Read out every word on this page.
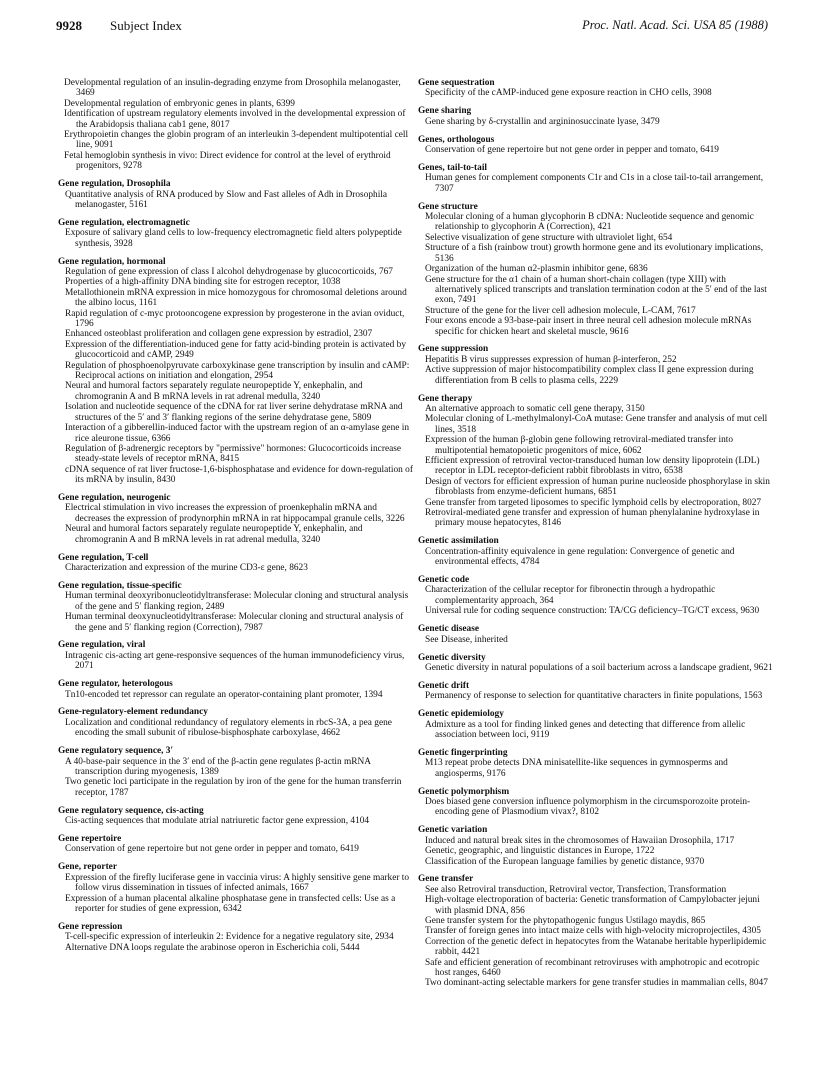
9928 Subject Index	Proc. Natl. Acad. Sci. USA 85 (1988)

Developmental regulation of an insulin-degrading enzyme from Drosophila melanogaster, 3469

Developmental regulation of embryonic genes in plants, 6399

Identification of upstream regulatory elements involved in the developmental expression of the Arabidopsis thaliana cab1 gene, 8017

Erythropoietin changes the globin program of an interleukin 3-dependent multipotential cell line, 9091

Fetal hemoglobin synthesis in vivo: Direct evidence for control at the level of erythroid progenitors, 9278

Gene regulation, Drosophila

Quantitative analysis of RNA produced by Slow and Fast alleles of Adh in Drosophila melanogaster, 5161

Gene regulation, electromagnetic

Exposure of salivary gland cells to low-frequency electromagnetic field alters polypeptide synthesis, 3928

Gene regulation, hormonal

Regulation of gene expression of class I alcohol dehydrogenase by glucocorticoids, 767

Properties of a high-affinity DNA binding site for estrogen receptor, 1038

Metallothionein mRNA expression in mice homozygous for chromosomal deletions around the albino locus, 1161

Rapid regulation of c-myc protooncogene expression by progesterone in the avian oviduct, 1796

Enhanced osteoblast proliferation and collagen gene expression by estradiol, 2307

Expression of the differentiation-induced gene for fatty acid-binding protein is activated by glucocorticoid and cAMP, 2949

Regulation of phosphoenolpyruvate carboxykinase gene transcription by insulin and cAMP: Reciprocal actions on initiation and elongation, 2954

Neural and humoral factors separately regulate neuropeptide Y, enkephalin, and chromogranin A and B mRNA levels in rat adrenal medulla, 3240

Isolation and nucleotide sequence of the cDNA for rat liver serine dehydratase mRNA and structures of the 5′ and 3′ flanking regions of the serine dehydratase gene, 5809

Interaction of a gibberellin-induced factor with the upstream region of an α-amylase gene in rice aleurone tissue, 6366

Regulation of β-adrenergic receptors by "permissive" hormones: Glucocorticoids increase steady-state levels of receptor mRNA, 8415

cDNA sequence of rat liver fructose-1,6-bisphosphatase and evidence for down-regulation of its mRNA by insulin, 8430

Gene regulation, neurogenic

Electrical stimulation in vivo increases the expression of proenkephalin mRNA and decreases the expression of prodynorphin mRNA in rat hippocampal granule cells, 3226

Neural and humoral factors separately regulate neuropeptide Y, enkephalin, and chromogranin A and B mRNA levels in rat adrenal medulla, 3240

Gene regulation, T-cell

Characterization and expression of the murine CD3-ε gene, 8623

Gene regulation, tissue-specific

Human terminal deoxyribonucleotidyltransferase: Molecular cloning and structural analysis of the gene and 5′ flanking region, 2489

Human terminal deoxynucleotidyltransferase: Molecular cloning and structural analysis of the gene and 5′ flanking region (Correction), 7987

Gene regulation, viral

Intragenic cis-acting art gene-responsive sequences of the human immunodeficiency virus, 2071

Gene regulator, heterologous

Tn10-encoded tet repressor can regulate an operator-containing plant promoter, 1394

Gene-regulatory-element redundancy

Localization and conditional redundancy of regulatory elements in rbcS-3A, a pea gene encoding the small subunit of ribulose-bisphosphate carboxylase, 4662

Gene regulatory sequence, 3′

A 40-base-pair sequence in the 3′ end of the β-actin gene regulates β-actin mRNA transcription during myogenesis, 1389

Two genetic loci participate in the regulation by iron of the gene for the human transferrin receptor, 1787

Gene regulatory sequence, cis-acting

Cis-acting sequences that modulate atrial natriuretic factor gene expression, 4104

Gene repertoire

Conservation of gene repertoire but not gene order in pepper and tomato, 6419

Gene, reporter

Expression of the firefly luciferase gene in vaccinia virus: A highly sensitive gene marker to follow virus dissemination in tissues of infected animals, 1667

Expression of a human placental alkaline phosphatase gene in transfected cells: Use as a reporter for studies of gene expression, 6342

Gene repression

T-cell-specific expression of interleukin 2: Evidence for a negative regulatory site, 2934

Alternative DNA loops regulate the arabinose operon in Escherichia coli, 5444

Gene sequestration

Specificity of the cAMP-induced gene exposure reaction in CHO cells, 3908

Gene sharing

Gene sharing by δ-crystallin and argininosuccinate lyase, 3479

Genes, orthologous

Conservation of gene repertoire but not gene order in pepper and tomato, 6419

Genes, tail-to-tail

Human genes for complement components C1r and C1s in a close tail-to-tail arrangement, 7307

Gene structure

Molecular cloning of a human glycophorin B cDNA: Nucleotide sequence and genomic relationship to glycophorin A (Correction), 421

Selective visualization of gene structure with ultraviolet light, 654

Structure of a fish (rainbow trout) growth hormone gene and its evolutionary implications, 5136

Organization of the human α2-plasmin inhibitor gene, 6836

Gene structure for the α1 chain of a human short-chain collagen (type XIII) with alternatively spliced transcripts and translation termination codon at the 5′ end of the last exon, 7491

Structure of the gene for the liver cell adhesion molecule, L-CAM, 7617

Four exons encode a 93-base-pair insert in three neural cell adhesion molecule mRNAs specific for chicken heart and skeletal muscle, 9616

Gene suppression

Hepatitis B virus suppresses expression of human β-interferon, 252

Active suppression of major histocompatibility complex class II gene expression during differentiation from B cells to plasma cells, 2229

Gene therapy

An alternative approach to somatic cell gene therapy, 3150

Molecular cloning of L-methylmalonyl-CoA mutase: Gene transfer and analysis of mut cell lines, 3518

Expression of the human β-globin gene following retroviral-mediated transfer into multipotential hematopoietic progenitors of mice, 6062

Efficient expression of retroviral vector-transduced human low density lipoprotein (LDL) receptor in LDL receptor-deficient rabbit fibroblasts in vitro, 6538

Design of vectors for efficient expression of human purine nucleoside phosphorylase in skin fibroblasts from enzyme-deficient humans, 6851

Gene transfer from targeted liposomes to specific lymphoid cells by electroporation, 8027

Retroviral-mediated gene transfer and expression of human phenylalanine hydroxylase in primary mouse hepatocytes, 8146

Genetic assimilation

Concentration-affinity equivalence in gene regulation: Convergence of genetic and environmental effects, 4784

Genetic code

Characterization of the cellular receptor for fibronectin through a hydropathic complementarity approach, 364

Universal rule for coding sequence construction: TA/CG deficiency–TG/CT excess, 9630

Genetic disease

See Disease, inherited

Genetic diversity

Genetic diversity in natural populations of a soil bacterium across a landscape gradient, 9621

Genetic drift

Permanency of response to selection for quantitative characters in finite populations, 1563

Genetic epidemiology

Admixture as a tool for finding linked genes and detecting that difference from allelic association between loci, 9119

Genetic fingerprinting

M13 repeat probe detects DNA minisatellite-like sequences in gymnosperms and angiosperms, 9176

Genetic polymorphism

Does biased gene conversion influence polymorphism in the circumsporozoite protein-encoding gene of Plasmodium vivax?, 8102

Genetic variation

Induced and natural break sites in the chromosomes of Hawaiian Drosophila, 1717

Genetic, geographic, and linguistic distances in Europe, 1722

Classification of the European language families by genetic distance, 9370

Gene transfer

See also Retroviral transduction, Retroviral vector, Transfection, Transformation

High-voltage electroporation of bacteria: Genetic transformation of Campylobacter jejuni with plasmid DNA, 856

Gene transfer system for the phytopathogenic fungus Ustilago maydis, 865

Transfer of foreign genes into intact maize cells with high-velocity microprojectiles, 4305

Correction of the genetic defect in hepatocytes from the Watanabe heritable hyperlipidemic rabbit, 4421

Safe and efficient generation of recombinant retroviruses with amphotropic and ecotropic host ranges, 6460

Two dominant-acting selectable markers for gene transfer studies in mammalian cells, 8047
